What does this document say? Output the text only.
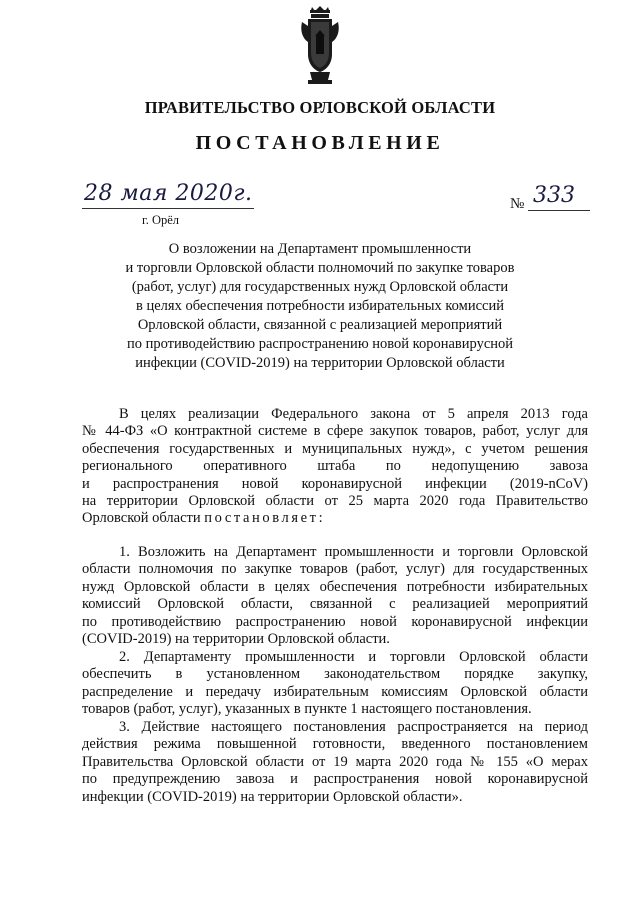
ПРАВИТЕЛЬСТВО ОРЛОВСКОЙ ОБЛАСТИ
ПОСТАНОВЛЕНИЕ
28 мая 2020г.
г. Орёл
№ 333
О возложении на Департамент промышленности
и торговли Орловской области полномочий по закупке товаров
(работ, услуг) для государственных нужд Орловской области
в целях обеспечения потребности избирательных комиссий
Орловской области, связанной с реализацией мероприятий
по противодействию распространению новой коронавирусной
инфекции (COVID-2019) на территории Орловской области
В целях реализации Федерального закона от 5 апреля 2013 года
№ 44-ФЗ «О контрактной системе в сфере закупок товаров, работ, услуг для
обеспечения государственных и муниципальных нужд», с учетом решения
регионального оперативного штаба по недопущению завоза
и распространения новой коронавирусной инфекции (2019-nCoV)
на территории Орловской области от 25 марта 2020 года Правительство
Орловской области постановляет:
1. Возложить на Департамент промышленности и торговли Орловской
области полномочия по закупке товаров (работ, услуг) для государственных
нужд Орловской области в целях обеспечения потребности избирательных
комиссий Орловской области, связанной с реализацией мероприятий
по противодействию распространению новой коронавирусной инфекции
(COVID-2019) на территории Орловской области.
2. Департаменту промышленности и торговли Орловской области
обеспечить в установленном законодательством порядке закупку,
распределение и передачу избирательным комиссиям Орловской области
товаров (работ, услуг), указанных в пункте 1 настоящего постановления.
3. Действие настоящего постановления распространяется на период
действия режима повышенной готовности, введенного постановлением
Правительства Орловской области от 19 марта 2020 года № 155 «О мерах
по предупреждению завоза и распространения новой коронавирусной
инфекции (COVID-2019) на территории Орловской области».
